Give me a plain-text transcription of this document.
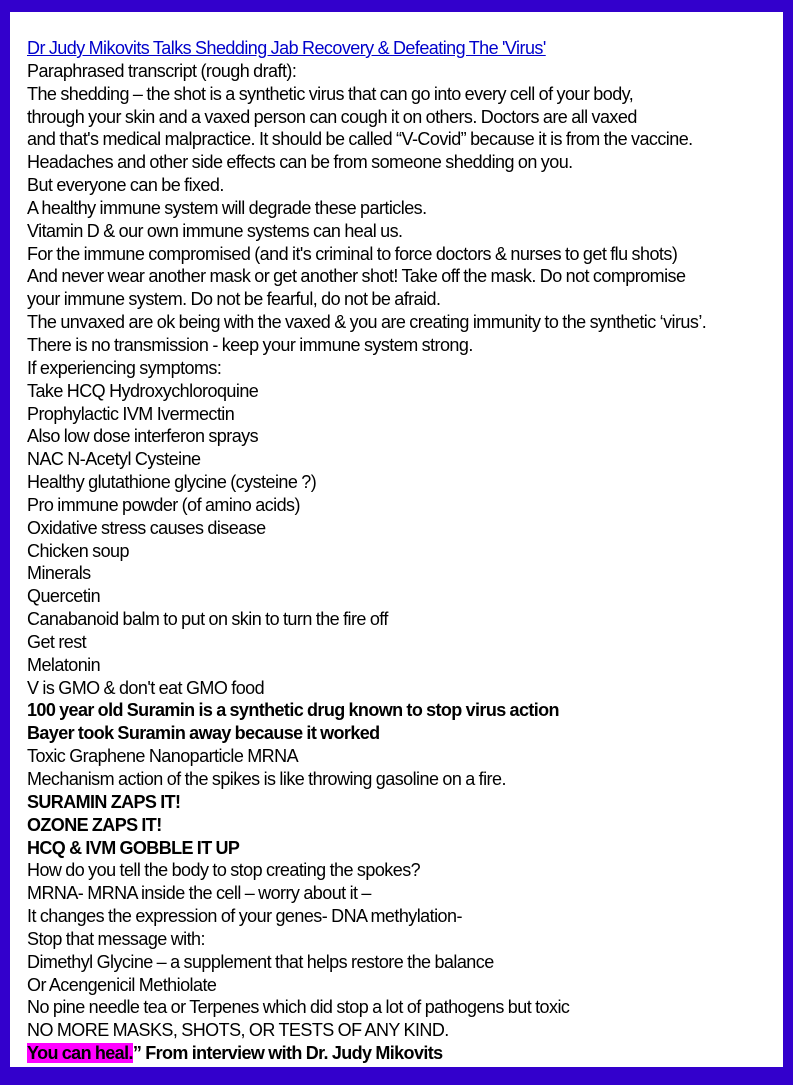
Dr Judy Mikovits Talks Shedding Jab Recovery & Defeating The 'Virus'
Paraphrased transcript (rough draft):
The shedding – the shot is a synthetic virus that can go into every cell of your body,
through your skin and a vaxed person can cough it on others. Doctors are all vaxed
and that's medical malpractice. It should be called “V-Covid” because it is from the vaccine.
Headaches and other side effects can be from someone shedding on you.
But everyone can be fixed.
A healthy immune system will degrade these particles.
Vitamin D & our own immune systems can heal us.
For the immune compromised (and it's criminal to force doctors & nurses to get flu shots)
And never wear another mask or get another shot! Take off the mask. Do not compromise
your immune system. Do not be fearful, do not be afraid.
The unvaxed are ok being with the vaxed & you are creating immunity to the synthetic ‘virus’.
There is no transmission - keep your immune system strong.
If experiencing symptoms:
Take HCQ Hydroxychloroquine
Prophylactic IVM Ivermectin
Also low dose interferon sprays
NAC N-Acetyl Cysteine
Healthy glutathione glycine (cysteine ?)
Pro immune powder (of amino acids)
Oxidative stress causes disease
Chicken soup
Minerals
Quercetin
Canabanoid balm to put on skin to turn the fire off
Get rest
Melatonin
V is GMO & don't eat GMO food
100 year old Suramin is a synthetic drug known to stop virus action
Bayer took Suramin away because it worked
Toxic Graphene Nanoparticle MRNA
Mechanism action of the spikes is like throwing gasoline on a fire.
SURAMIN ZAPS IT!
OZONE ZAPS IT!
HCQ & IVM GOBBLE IT UP
How do you tell the body to stop creating the spokes?
MRNA- MRNA inside the cell – worry about it –
It changes the expression of your genes- DNA methylation-
Stop that message with:
Dimethyl Glycine – a supplement that helps restore the balance
Or Acengenicil Methiolate
No pine needle tea or Terpenes which did stop a lot of pathogens but toxic
NO MORE MASKS, SHOTS, OR TESTS OF ANY KIND.
You can heal.” From interview with Dr. Judy Mikovits
